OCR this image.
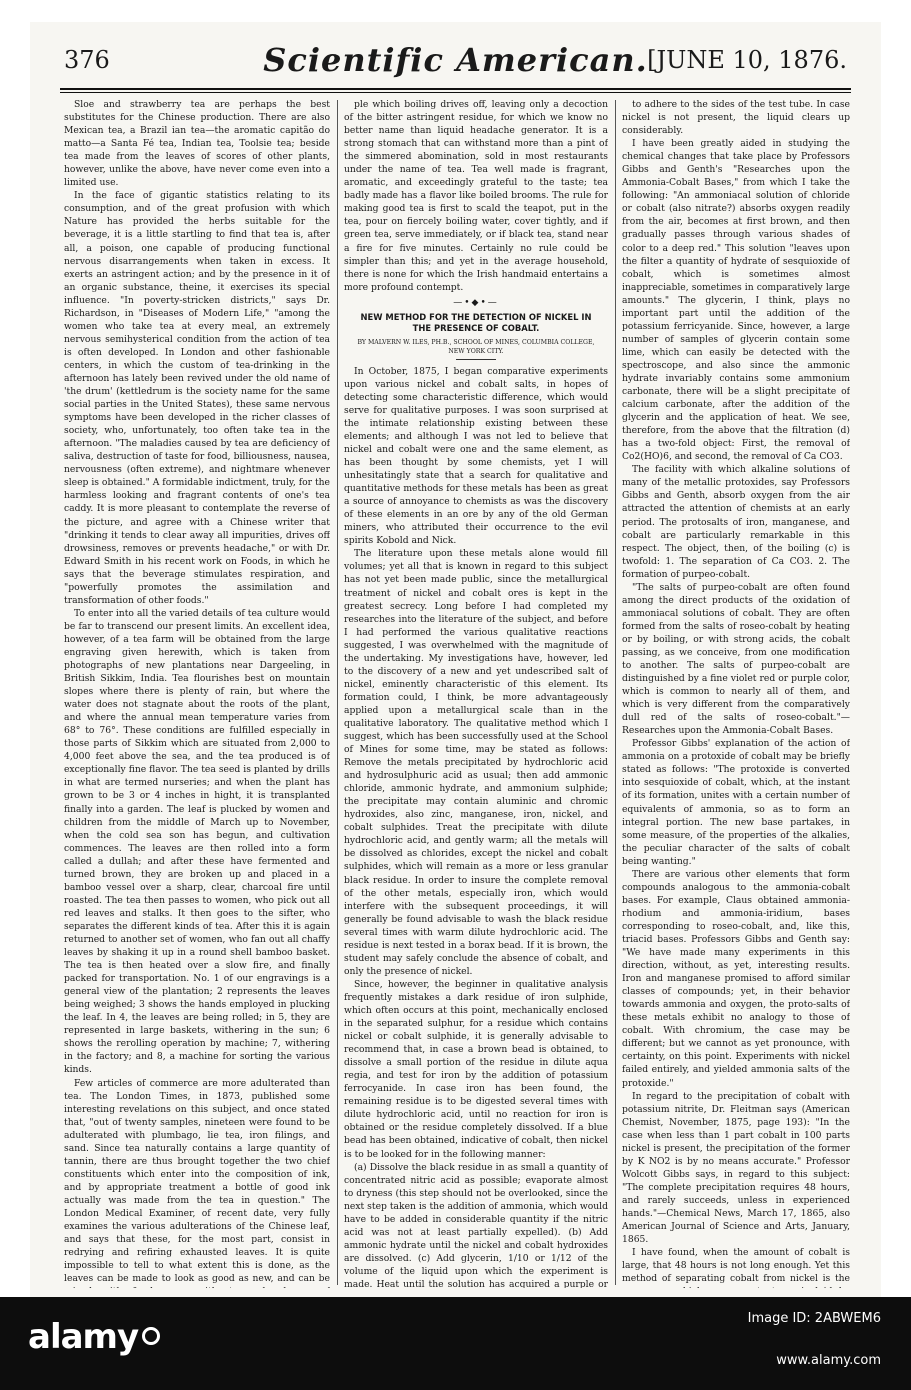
376	Scientific American. [JUNE 10, 1876.

Sloe and strawberry tea are perhaps the best substitutes for the Chinese production. There are also Mexican tea, a Brazil ian tea—the aromatic capitão do matto—a Santa Fé tea, Indian tea, Toolsie tea; beside tea made from the leaves of scores of other plants, however, unlike the above, have never come even into a limited use.

In the face of gigantic statistics relating to its consumption, and of the great profusion with which Nature has provided the herbs suitable for the beverage, it is a little startling to find that tea is, after all, a poison, one capable of producing functional nervous disarrangements when taken in excess. It exerts an astringent action; and by the presence in it of an organic substance, theine, it exercises its special influence. "In poverty-stricken districts," says Dr. Richardson, in "Diseases of Modern Life," "among the women who take tea at every meal, an extremely nervous semihysterical condition from the action of tea is often developed. In London and other fashionable centers, in which the custom of tea-drinking in the afternoon has lately been revived under the old name of 'the drum' (kettledrum is the society name for the same social parties in the United States), these same nervous symptoms have been developed in the richer classes of society, who, unfortunately, too often take tea in the afternoon. "The maladies caused by tea are deficiency of saliva, destruction of taste for food, billiousness, nausea, nervousness (often extreme), and nightmare whenever sleep is obtained." A formidable indictment, truly, for the harmless looking and fragrant contents of one's tea caddy. It is more pleasant to contemplate the reverse of the picture, and agree with a Chinese writer that "drinking it tends to clear away all impurities, drives off drowsiness, removes or prevents headache," or with Dr. Edward Smith in his recent work on Foods, in which he says that the beverage stimulates respiration, and "powerfully promotes the assimilation and transformation of other foods."

To enter into all the varied details of tea culture would be far to transcend our present limits. An excellent idea, however, of a tea farm will be obtained from the large engraving given herewith, which is taken from photographs of new plantations near Dargeeling, in British Sikkim, India. Tea flourishes best on mountain slopes where there is plenty of rain, but where the water does not stagnate about the roots of the plant, and where the annual mean temperature varies from 68° to 76°. These conditions are fulfilled especially in those parts of Sikkim which are situated from 2,000 to 4,000 feet above the sea, and the tea produced is of exceptionally fine flavor. The tea seed is planted by drills in what are termed nurseries; and when the plant has grown to be 3 or 4 inches in hight, it is transplanted finally into a garden. The leaf is plucked by women and children from the middle of March up to November, when the cold sea son has begun, and cultivation commences. The leaves are then rolled into a form called a dullah; and after these have fermented and turned brown, they are broken up and placed in a bamboo vessel over a sharp, clear, charcoal fire until roasted. The tea then passes to women, who pick out all red leaves and stalks. It then goes to the sifter, who separates the different kinds of tea. After this it is again returned to another set of women, who fan out all chaffy leaves by shaking it up in a round shell bamboo basket. The tea is then heated over a slow fire, and finally packed for transportation. No. 1 of our engravings is a general view of the plantation; 2 represents the leaves being weighed; 3 shows the hands employed in plucking the leaf. In 4, the leaves are being rolled; in 5, they are represented in large baskets, withering in the sun; 6 shows the rerolling operation by machine; 7, withering in the factory; and 8, a machine for sorting the various kinds.

Few articles of commerce are more adulterated than tea. The London Times, in 1873, published some interesting revelations on this subject, and once stated that, "out of twenty samples, nineteen were found to be adulterated with plumbago, lie tea, iron filings, and sand. Since tea naturally contains a large quantity of tannin, there are thus brought together the two chief constituents which enter into the composition of ink, and by appropriate treatment a bottle of good ink actually was made from the tea in question." The London Medical Examiner, of recent date, very fully examines the various adulterations of the Chinese leaf, and says that these, for the most part, consist in redrying and refiring exhausted leaves. It is quite impossible to tell to what extent this is done, as the leaves can be made to look as good as new, and can be

ple which boiling drives off, leaving only a decoction of the bitter astringent residue, for which we know no better name than liquid headache generator. It is a strong stomach that can withstand more than a pint of the simmered abomination, sold in most restaurants under the name of tea. Tea well made is fragrant, aromatic, and exceedingly grateful to the taste; tea badly made has a flavor like boiled brooms. The rule for making good tea is first to scald the teapot, put in the tea, pour on fiercely boiling water, cover tightly, and if green tea, serve immediately, or if black tea, stand near a fire for five minutes. Certainly no rule could be simpler than this; and yet in the average household, there is none for which the Irish handmaid entertains a more profound contempt.

—•◆•—
NEW METHOD FOR THE DETECTION OF NICKEL IN THE PRESENCE OF COBALT.
BY MALVERN W. ILES, PH.B., SCHOOL OF MINES, COLUMBIA COLLEGE, NEW YORK CITY.

In October, 1875, I began comparative experiments upon various nickel and cobalt salts, in hopes of detecting some characteristic difference, which would serve for qualitative purposes. I was soon surprised at the intimate relationship existing between these elements; and although I was not led to believe that nickel and cobalt were one and the same element, as has been thought by some chemists, yet I will unhesitatingly state that a search for qualitative and quantitative methods for these metals has been as great a source of annoyance to chemists as was the discovery of these elements in an ore by any of the old German miners, who attributed their occurrence to the evil spirits Kobold and Nick.

The literature upon these metals alone would fill volumes; yet all that is known in regard to this subject has not yet been made public, since the metallurgical treatment of nickel and cobalt ores is kept in the greatest secrecy. Long before I had completed my researches into the literature of the subject, and before I had performed the various qualitative reactions suggested, I was overwhelmed with the magnitude of the undertaking. My investigations have, however, led to the discovery of a new and yet undescribed salt of nickel, eminently characteristic of this element. Its formation could, I think, be more advantageously applied upon a metallurgical scale than in the qualitative laboratory. The qualitative method which I suggest, which has been successfully used at the School of Mines for some time, may be stated as follows: Remove the metals precipitated by hydrochloric acid and hydrosulphuric acid as usual; then add ammonic chloride, ammonic hydrate, and ammonium sulphide; the precipitate may contain aluminic and chromic hydroxides, also zinc, manganese, iron, nickel, and cobalt sulphides. Treat the precipitate with dilute hydrochloric acid, and gently warm; all the metals will be dissolved as chlorides, except the nickel and cobalt sulphides, which will remain as a more or less granular black residue. In order to insure the complete removal of the other metals, especially iron, which would interfere with the subsequent proceedings, it will generally be found advisable to wash the black residue several times with warm dilute hydrochloric acid. The residue is next tested in a borax bead. If it is brown, the student may safely conclude the absence of cobalt, and only the presence of nickel.

Since, however, the beginner in qualitative analysis frequently mistakes a dark residue of iron sulphide, which often occurs at this point, mechanically enclosed in the separated sulphur, for a residue which contains nickel or cobalt sulphide, it is generally advisable to recommend that, in case a brown bead is obtained, to dissolve a small portion of the residue in dilute aqua regia, and test for iron by the addition of potassium ferrocyanide. In case iron has been found, the remaining residue is to be digested several times with dilute hydrochloric acid, until no reaction for iron is obtained or the residue completely dissolved. If a blue bead has been obtained, indicative of cobalt, then nickel is to be looked for in the following manner:

(a) Dissolve the black residue in as small a quantity of concentrated nitric acid as possible; evaporate almost to dryness (this step should not be overlooked, since the next step taken is the addition of ammonia, which would have to be added in considerable quantity if the nitric acid was not at least partially expelled). (b) Add ammonic hydrate until the nickel and cobalt hydroxides are dissolved. (c) Add glycerin, 1/10 or 1/12 of the volume of the liquid upon which the experiment is made. Heat until the solution has acquired a purple or

to adhere to the sides of the test tube. In case nickel is not present, the liquid clears up considerably.

I have been greatly aided in studying the chemical changes that take place by Professors Gibbs and Genth's "Researches upon the Ammonia-Cobalt Bases," from which I take the following: "An ammoniacal solution of chloride or cobalt (also nitrate?) absorbs oxygen readily from the air, becomes at first brown, and then gradually passes through various shades of color to a deep red." This solution "leaves upon the filter a quantity of hydrate of sesquioxide of cobalt, which is sometimes almost inappreciable, sometimes in comparatively large amounts." The glycerin, I think, plays no important part until the addition of the potassium ferricyanide. Since, however, a large number of samples of glycerin contain some lime, which can easily be detected with the spectroscope, and also since the ammonic hydrate invariably contains some ammonium carbonate, there will be a slight precipitate of calcium carbonate, after the addition of the glycerin and the application of heat. We see, therefore, from the above that the filtration (d) has a two-fold object: First, the removal of Co2(HO)6, and second, the removal of Ca CO3.

The facility with which alkaline solutions of many of the metallic protoxides, say Professors Gibbs and Genth, absorb oxygen from the air attracted the attention of chemists at an early period. The protosalts of iron, manganese, and cobalt are particularly remarkable in this respect. The object, then, of the boiling (c) is twofold: 1. The separation of Ca CO3. 2. The formation of purpeo-cobalt.

"The salts of purpeo-cobalt are often found among the direct products of the oxidation of ammoniacal solutions of cobalt. They are often formed from the salts of roseo-cobalt by heating or by boiling, or with strong acids, the cobalt passing, as we conceive, from one modification to another. The salts of purpeo-cobalt are distinguished by a fine violet red or purple color, which is common to nearly all of them, and which is very different from the comparatively dull red of the salts of roseo-cobalt."—Researches upon the Ammonia-Cobalt Bases.

Professor Gibbs' explanation of the action of ammonia on a protoxide of cobalt may be briefly stated as follows: "The protoxide is converted into sesquioxide of cobalt, which, at the instant of its formation, unites with a certain number of equivalents of ammonia, so as to form an integral portion. The new base partakes, in some measure, of the properties of the alkalies, the peculiar character of the salts of cobalt being wanting."

There are various other elements that form compounds analogous to the ammonia-cobalt bases. For example, Claus obtained ammonia-rhodium and ammonia-iridium, bases corresponding to roseo-cobalt, and, like this, triacid bases. Professors Gibbs and Genth say: "We have made many experiments in this direction, without, as yet, interesting results. Iron and manganese promised to afford similar classes of compounds; yet, in their behavior towards ammonia and oxygen, the proto-salts of these metals exhibit no analogy to those of cobalt. With chromium, the case may be different; but we cannot as yet pronounce, with certainty, on this point. Experiments with nickel failed entirely, and yielded ammonia salts of the protoxide."

In regard to the precipitation of cobalt with potassium nitrite, Dr. Fleitman says (American Chemist, November, 1875, page 193): "In the case when less than 1 part cobalt in 100 parts nickel is present, the precipitation of the former by K NO2 is by no means accurate." Professor Wolcott Gibbs says, in regard to this subject: "The complete precipitation requires 48 hours, and rarely succeeds, unless in experienced hands."—Chemical News, March 17, 1865, also American Journal of Science and Arts, January, 1865.

I have found, when the amount of cobalt is large, that 48 hours is not long enough. Yet this method of separating cobalt from nickel is the

alamy	Image ID: 2ABWEM6
www.alamy.com
